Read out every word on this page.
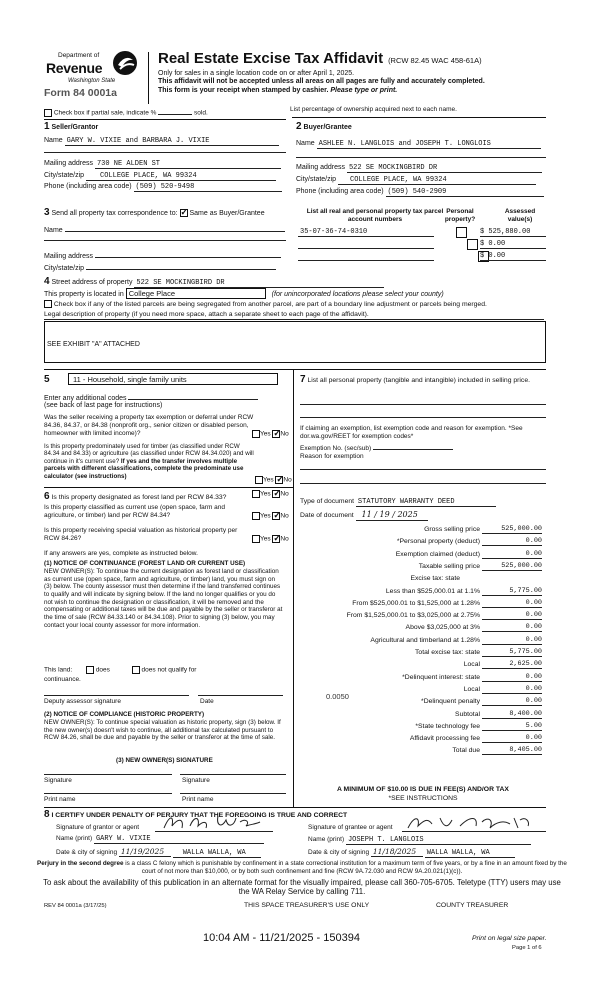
Department of
Revenue
Washington State
Form 84 0001a
Real Estate Excise Tax Affidavit (RCW 82.45 WAC 458-61A)
Only for sales in a single location code on or after April 1, 2025.
This affidavit will not be accepted unless all areas on all pages are fully and accurately completed.
This form is your receipt when stamped by cashier. Please type or print.
Check box if partial sale, indicate %	sold.
List percentage of ownership acquired next to each name.
1 Seller/Grantor
Name GARY W. VIXIE and BARBARA J. VIXIE
Mailing address 730 NE ALDEN ST
City/state/zip COLLEGE PLACE, WA 99324
Phone (including area code) (509) 520-9498
2 Buyer/Grantee
Name ASHLEE N. LANGLOIS and JOSEPH T. LONGLOIS
Mailing address 522 SE MOCKINGBIRD DR
City/state/zip COLLEGE PLACE, WA 99324
Phone (including area code) (509) 540-2909
3 Send all property tax correspondence to: ✓ Same as Buyer/Grantee
Name
Mailing address
City/state/zip
List all real and personal property tax parcel account numbers
Personal property?
Assessed value(s)
35-07-36-74-0310	$ 525,880.00
$ 0.00
$ 0.00
4 Street address of property 522 SE MOCKINGBIRD DR
This property is located in College Place	(for unincorporated locations please select your county)
Check box if any of the listed parcels are being segregated from another parcel, are part of a boundary line adjustment or parcels being merged.
Legal description of property (if you need more space, attach a separate sheet to each page of the affidavit).
SEE EXHIBIT "A" ATTACHED
5	11 - Household, single family units
Enter any additional codes
(see back of last page for instructions)
Was the seller receiving a property tax exemption or deferral under RCW 84.36, 84.37, or 84.38 (nonprofit org., senior citizen or disabled person, homeowner with limited income)?	Yes ✓ No
Is this property predominately used for timber (as classified under RCW 84.34 and 84.33) or agriculture (as classified under RCW 84.34.020) and will continue in it's current use? If yes and the transfer involves multiple parcels with different classifications, complete the predominate use calculator (see instructions)
Yes ✓ No
6 Is this property designated as forest land per RCW 84.33?	Yes ✓ No
Is this property classified as current use (open space, farm and agriculture, or timber) land per RCW 84.34?	Yes ✓ No
Is this property receiving special valuation as historical property per RCW 84.26?	Yes ✓ No
If any answers are yes, complete as instructed below.
(1) NOTICE OF CONTINUANCE (FOREST LAND OR CURRENT USE)
NEW OWNER(S): To continue the current designation as forest land or classification as current use (open space, farm and agriculture, or timber) land, you must sign on (3) below. The county assessor must then determine if the land transferred continues to qualify and will indicate by signing below. If the land no longer qualifies or you do not wish to continue the designation or classification, it will be removed and the compensating or additional taxes will be due and payable by the seller or transferor at the time of sale (RCW 84.33.140 or 84.34.108). Prior to signing (3) below, you may contact your local county assessor for more information.
This land:	does	does not qualify for
continuance.
Deputy assessor signature	Date
(2) NOTICE OF COMPLIANCE (HISTORIC PROPERTY)
NEW OWNER(S): To continue special valuation as historic property, sign (3) below. If the new owner(s) doesn't wish to continue, all additional tax calculated pursuant to RCW 84.26, shall be due and payable by the seller or transferor at the time of sale.
(3) NEW OWNER(S) SIGNATURE
Signature	Signature
Print name	Print name
7 List all personal property (tangible and intangible) included in selling price.
If claiming an exemption, list exemption code and reason for exemption. *See dor.wa.gov/REET for exemption codes*
Exemption No. (sec/sub)
Reason for exemption
Type of document STATUTORY WARRANTY DEED
Date of document 11 / 19 / 2025
Gross selling price	525,000.00
*Personal property (deduct)	0.00
Exemption claimed (deduct)	0.00
Taxable selling price	525,000.00
Excise tax: state
Less than $525,000.01 at 1.1%	5,775.00
From $525,000.01 to $1,525,000 at 1.28%	0.00
From $1,525,000.01 to $3,025,000 at 2.75%	0.00
Above $3,025,000 at 3%	0.00
Agricultural and timberland at 1.28%	0.00
Total excise tax: state	5,775.00
Local	2,625.00
*Delinquent interest: state	0.00
Local	0.00
*Delinquent penalty	0.00
Subtotal	8,400.00
*State technology fee	5.00
Affidavit processing fee	0.00
Total due	8,405.00
0.0050
A MINIMUM OF $10.00 IS DUE IN FEE(S) AND/OR TAX
*SEE INSTRUCTIONS
8 I CERTIFY UNDER PENALTY OF PERJURY THAT THE FOREGOING IS TRUE AND CORRECT
Signature of grantor or agent
Name (print) GARY W. VIXIE
Date & city of signing 11/19/2025	WALLA WALLA, WA
Signature of grantee or agent
Name (print) JOSEPH T. LANGLOIS
Date & city of signing 11/18/2025 WALLA WALLA, WA
Perjury in the second degree is a class C felony which is punishable by confinement in a state correctional institution for a maximum term of five years, or by a fine in an amount fixed by the court of not more than $10,000, or by both such confinement and fine (RCW 9A.72.030 and RCW 9A.20.021(1)(c)).
To ask about the availability of this publication in an alternate format for the visually impaired, please call 360-705-6705. Teletype (TTY) users may use the WA Relay Service by calling 711.
REV 84 0001a (3/17/25)	THIS SPACE TREASURER'S USE ONLY	COUNTY TREASURER
10:04 AM - 11/21/2025 - 150394	Print on legal size paper.
Page 1 of 6
